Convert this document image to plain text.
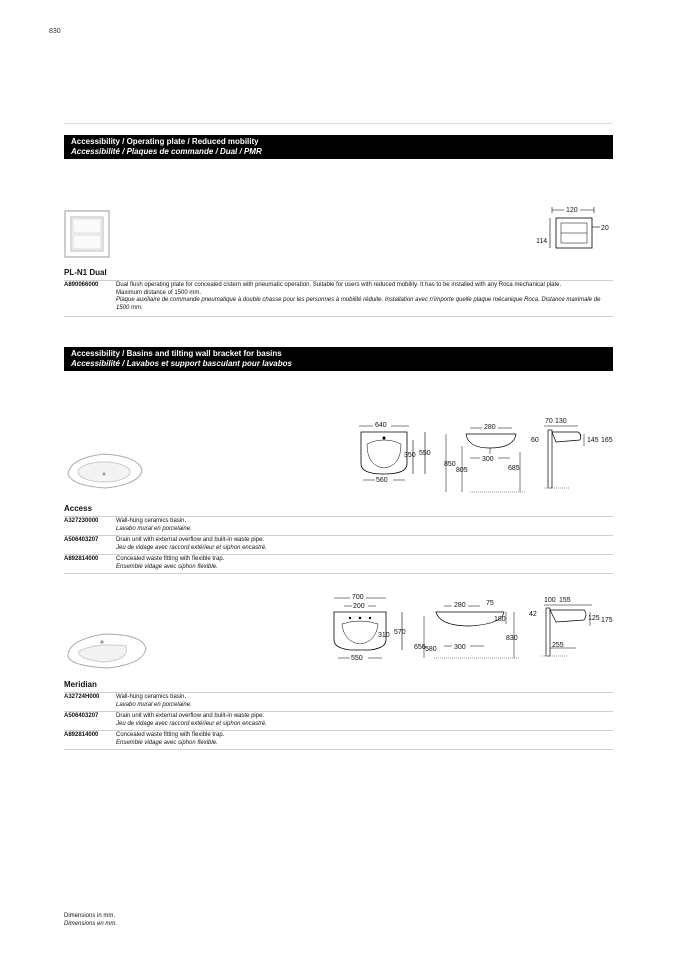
830
Accessibility / Operating plate / Reduced mobility
Accessibilité / Plaques de commande / Dual / PMR
120
114
20
PL-N1 Dual
A890066000	Dual flush operating plate for concealed cistern with pneumatic operation. Suitable for users with reduced mobility. It has to be installed with any Roca mechanical plate.
Maximum distance of 1500 mm.
Plaque auxiliaire de commande pneumatique à double chasse pour les personnes à mobilité réduite. Installation avec n'importe quelle plaque mécanique Roca. Distance maximale de 1500 mm.
Accessibility / Basins and tilting wall bracket for basins
Accessibilité / Lavabos et support basculant pour lavabos
640
350 550
560
280
300
850
805	685
70 130
60	145 165
Access
A327230000	Wall-hung ceramics basin.
Lavabo mural en porcelaine.
A506403207	Drain unit with external overflow and built-in waste pipe.
Jeu de vidage avec raccord extérieur et siphon encastré.
A892814000	Concealed waste fitting with flexible trap.
Ensemble vidage avec siphon flexible.
700
200
310 570
550
280	75
180
656 580 300
830
100 155
42
125 175
255
Meridian
A32724H000	Wall-hung ceramics basin.
Lavabo mural en porcelaine.
A506403207	Drain unit with external overflow and built-in waste pipe.
Jeu de vidage avec raccord extérieur et siphon encastré.
A892814000	Concealed waste fitting with flexible trap.
Ensemble vidage avec siphon flexible.
Dimensions in mm.
Dimensions en mm.
